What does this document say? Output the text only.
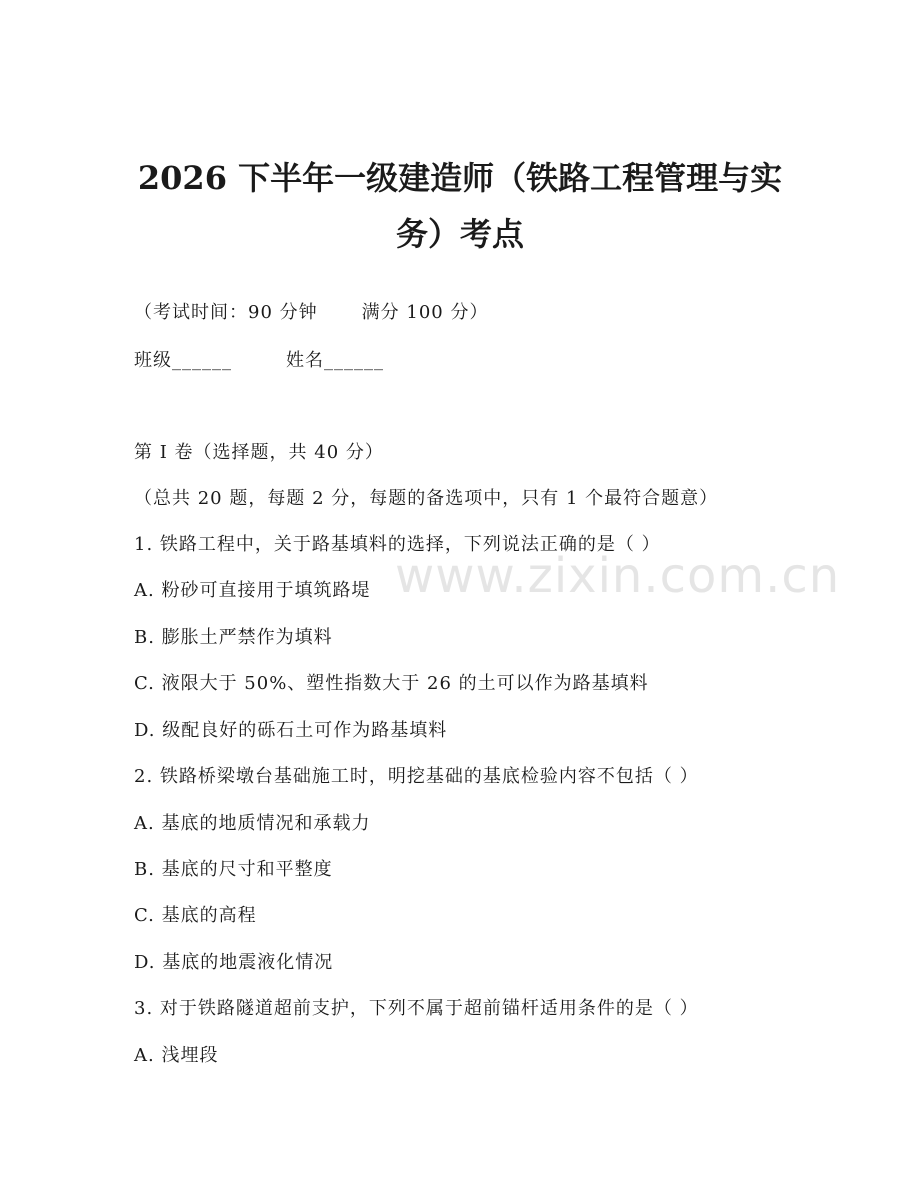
2026 下半年一级建造师（铁路工程管理与实
务）考点
（考试时间：90 分钟 满分 100 分）
班级______	姓名______
第 I 卷（选择题，共 40 分）
（总共 20 题，每题 2 分，每题的备选项中，只有 1 个最符合题意）
1. 铁路工程中，关于路基填料的选择，下列说法正确的是（ ）
A. 粉砂可直接用于填筑路堤
B. 膨胀土严禁作为填料
C. 液限大于 50%、塑性指数大于 26 的土可以作为路基填料
D. 级配良好的砾石土可作为路基填料
2. 铁路桥梁墩台基础施工时，明挖基础的基底检验内容不包括（ ）
A. 基底的地质情况和承载力
B. 基底的尺寸和平整度
C. 基底的高程
D. 基底的地震液化情况
3. 对于铁路隧道超前支护，下列不属于超前锚杆适用条件的是（ ）
A. 浅埋段
www.zixin.com.cn
